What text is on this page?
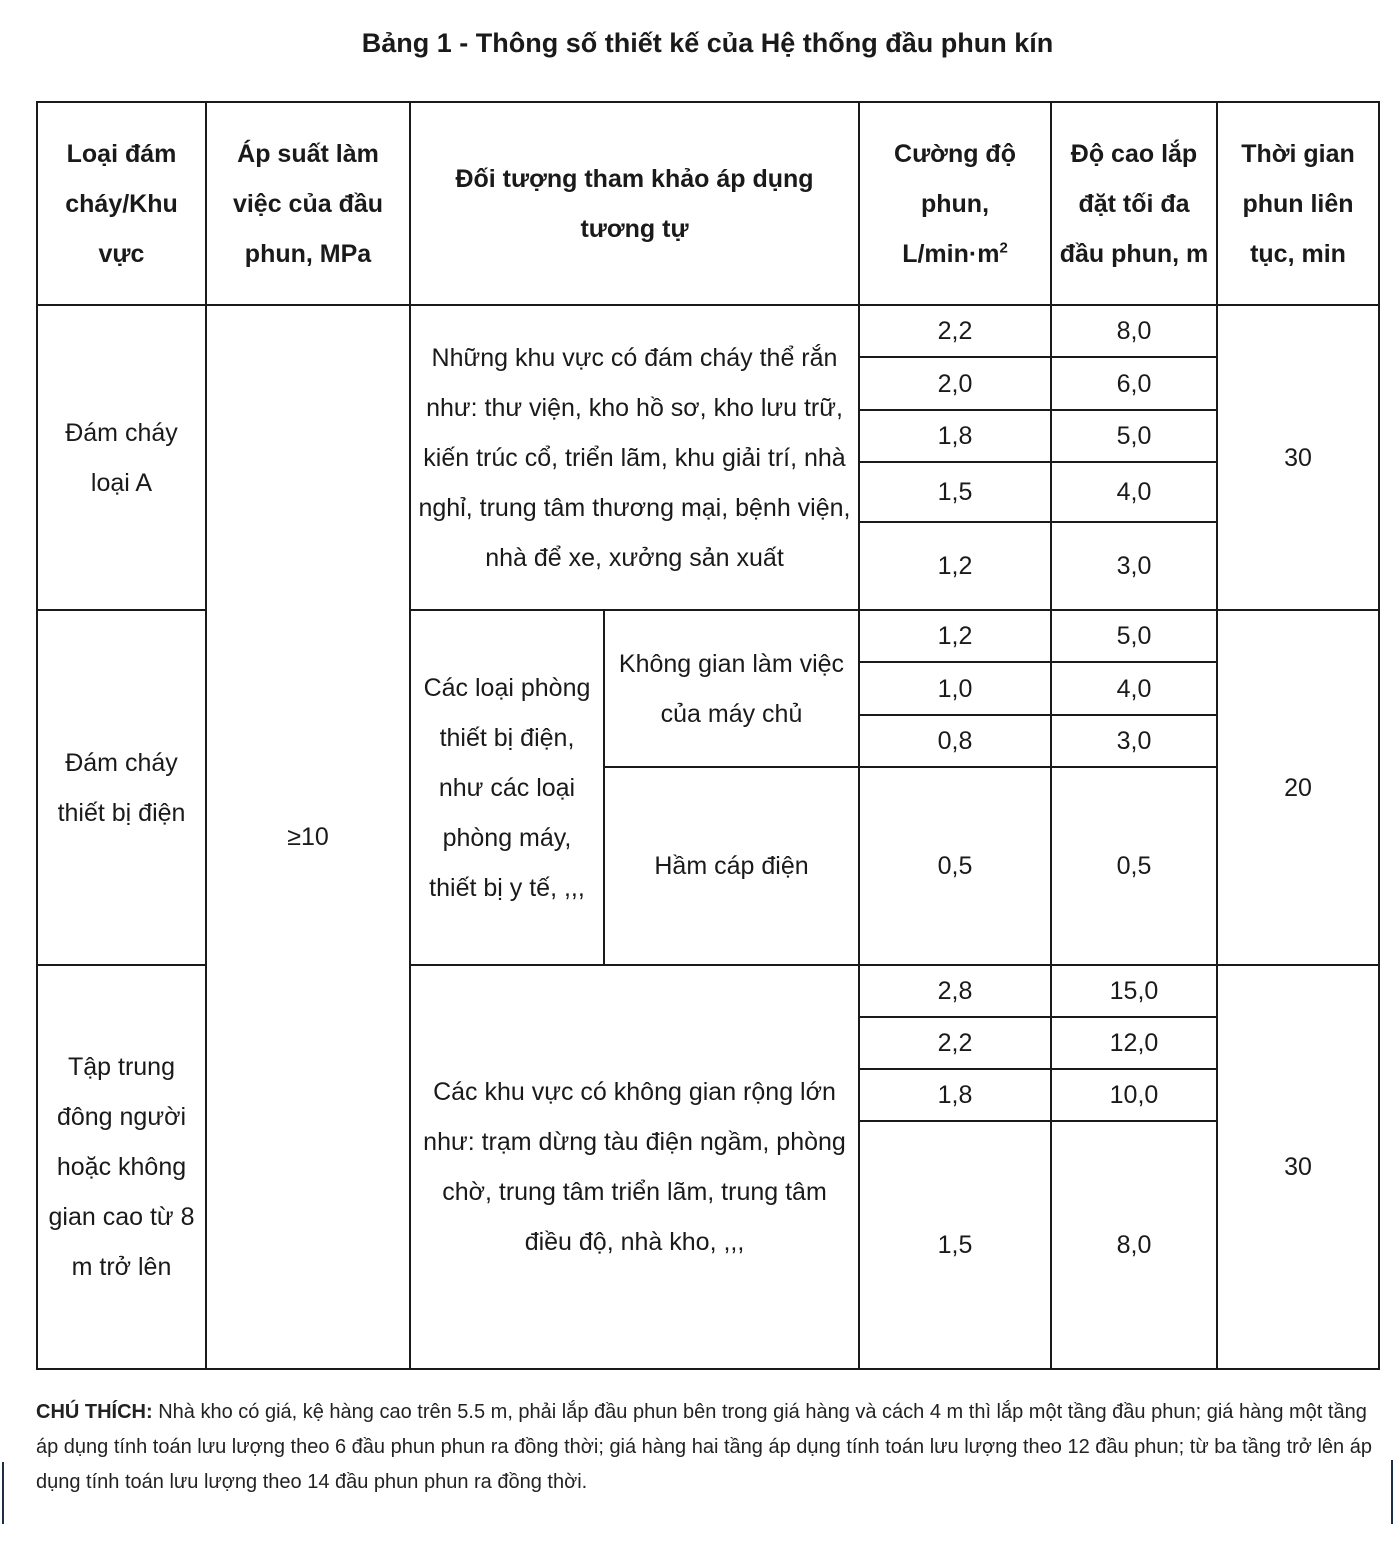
Bảng 1 - Thông số thiết kế của Hệ thống đầu phun kín
Loại đám cháy/Khu vực	Áp suất làm việc của đầu phun, MPa	Đối tượng tham khảo áp dụng tương tự		Cường độ phun, $L/\min\cdot m^2$	Độ cao lắp đặt tối đa đầu phun, m	Thời gian phun liên tục, min
Đám cháy loại A	≥10	Những khu vực có đám cháy thể rắn như: thư viện, kho hồ sơ, kho lưu trữ, kiến trúc cổ, triển lãm, khu giải trí, nhà nghỉ, trung tâm thương mại, bệnh viện, nhà để xe, xưởng sản xuất		2,2	8,0	30
				2,0	6,0	
				1,8	5,0	
				1,5	4,0	
				1,2	3,0	
Đám cháy thiết bị điện		Các loại phòng thiết bị điện, như các loại phòng máy, thiết bị y tế, ,,,	Không gian làm việc của máy chủ	1,2	5,0	20
				1,0	4,0	
				0,8	3,0	
			Hầm cáp điện	0,5	0,5	
Tập trung đông người hoặc không gian cao từ 8 m trở lên		Các khu vực có không gian rộng lớn như: trạm dừng tàu điện ngầm, phòng chờ, trung tâm triển lãm, trung tâm điều độ, nhà kho, ,,,		2,8	15,0	30
				2,2	12,0	
				1,8	10,0	
				1,5	8,0	
CHÚ THÍCH: Nhà kho có giá, kệ hàng cao trên 5.5 m, phải lắp đầu phun bên trong giá hàng và cách 4 m thì lắp một tầng đầu phun; giá hàng một tầng áp dụng tính toán lưu lượng theo 6 đầu phun phun ra đồng thời; giá hàng hai tầng áp dụng tính toán lưu lượng theo 12 đầu phun; từ ba tầng trở lên áp dụng tính toán lưu lượng theo 14 đầu phun phun ra đồng thời.
